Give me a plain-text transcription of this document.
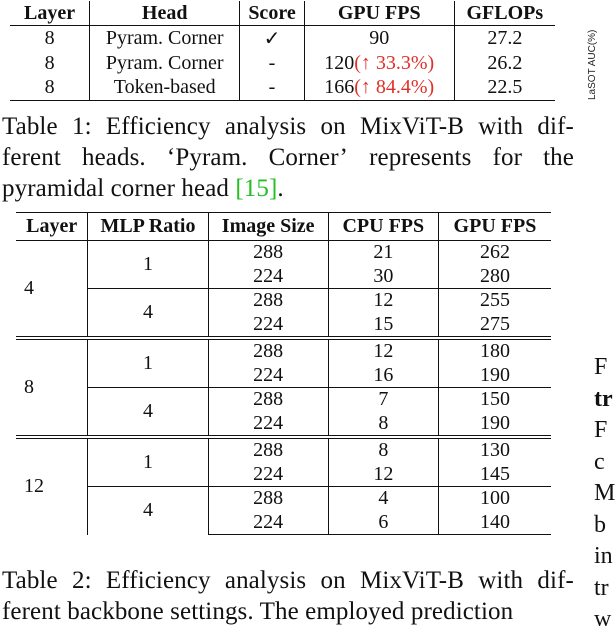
Layer	Head	Score	GPU FPS	GFLOPs
8	Pyram. Corner	✓	90	27.2
8	Pyram. Corner	-	120(↑ 33.3%)	26.2
8	Token-based	-	166(↑ 84.4%)	22.5
Table 1: Efficiency analysis on MixViT-B with dif-
ferent heads. ‘Pyram. Corner’ represents for the
pyramidal corner head [15].
Layer	MLP Ratio	Image Size	CPU FPS	GPU FPS
4	1	288	21	262
		224	30	280
	4	288	12	255
		224	15	275
8	1	288	12	180
		224	16	190
	4	288	7	150
		224	8	190
12	1	288	8	130
		224	12	145
	4	288	4	100
		224	6	140
Table 2: Efficiency analysis on MixViT-B with dif-
ferent backbone settings. The employed prediction
LaSOT AUC(%)
F
tr
F
c
M
b
in
tr
w
